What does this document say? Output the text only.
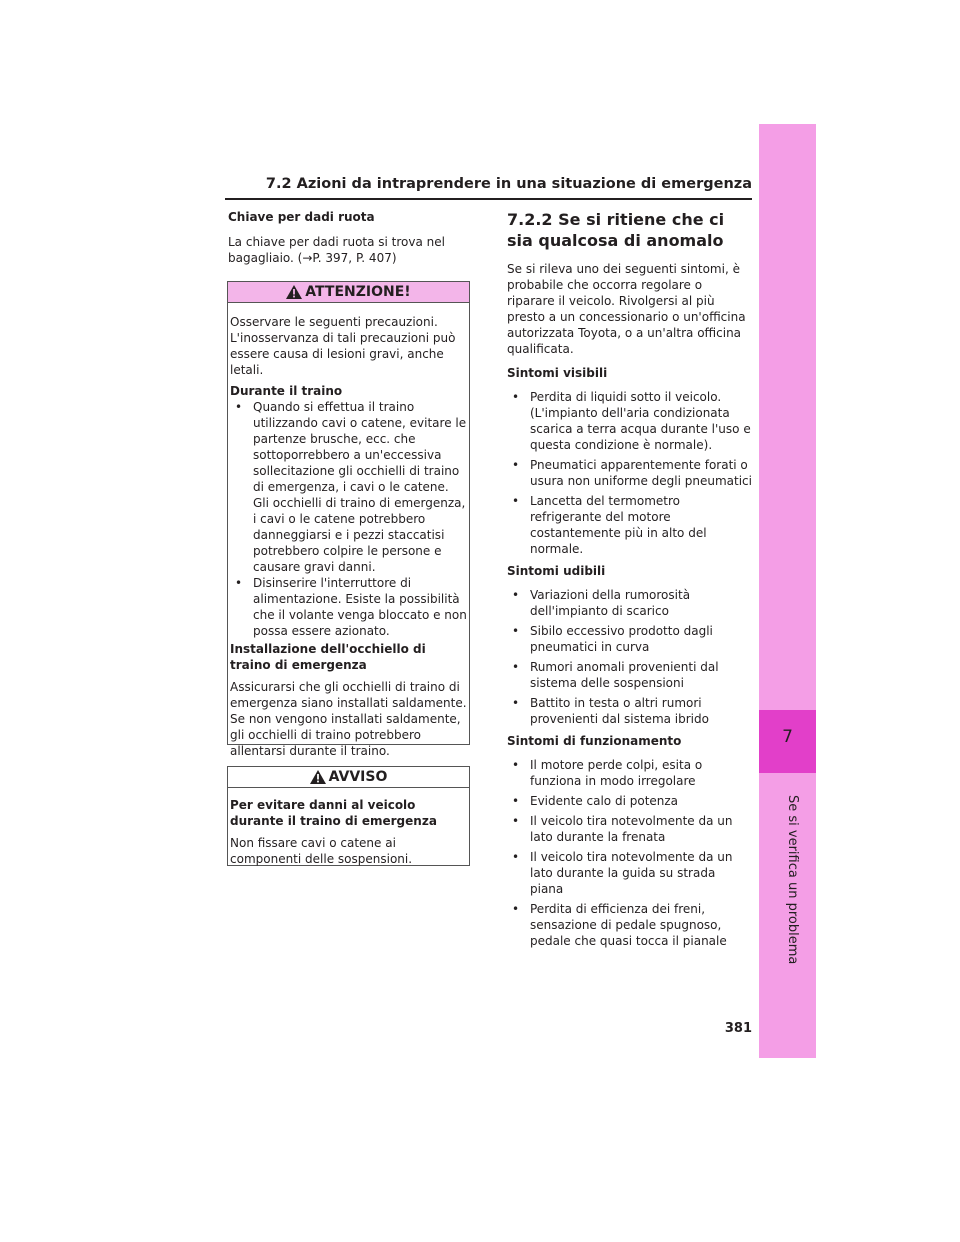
7.2 Azioni da intraprendere in una situazione di emergenza
7
Se si verifica un problema
381

Chiave per dadi ruota

La chiave per dadi ruota si trova nel bagagliaio. (→P. 397, P. 407)

ATTENZIONE!

Osservare le seguenti precauzioni. L'inosservanza di tali precauzioni può essere causa di lesioni gravi, anche letali.

Durante il traino

• Quando si effettua il traino utilizzando cavi o catene, evitare le partenze brusche, ecc. che sottoporrebbero a un'eccessiva sollecitazione gli occhielli di traino di emergenza, i cavi o le catene. Gli occhielli di traino di emergenza, i cavi o le catene potrebbero danneggiarsi e i pezzi staccatisi potrebbero colpire le persone e causare gravi danni.
• Disinserire l'interruttore di alimentazione. Esiste la possibilità che il volante venga bloccato e non possa essere azionato.

Installazione dell'occhiello di traino di emergenza

Assicurarsi che gli occhielli di traino di emergenza siano installati saldamente. Se non vengono installati saldamente, gli occhielli di traino potrebbero allentarsi durante il traino.

AVVISO

Per evitare danni al veicolo durante il traino di emergenza

Non fissare cavi o catene ai componenti delle sospensioni.

7.2.2 Se si ritiene che ci sia qualcosa di anomalo

Se si rileva uno dei seguenti sintomi, è probabile che occorra regolare o riparare il veicolo. Rivolgersi al più presto a un concessionario o un'officina autorizzata Toyota, o a un'altra officina qualificata.

Sintomi visibili

• Perdita di liquidi sotto il veicolo. (L'impianto dell'aria condizionata scarica a terra acqua durante l'uso e questa condizione è normale).
• Pneumatici apparentemente forati o usura non uniforme degli pneumatici
• Lancetta del termometro refrigerante del motore costantemente più in alto del normale.

Sintomi udibili

• Variazioni della rumorosità dell'impianto di scarico
• Sibilo eccessivo prodotto dagli pneumatici in curva
• Rumori anomali provenienti dal sistema delle sospensioni
• Battito in testa o altri rumori provenienti dal sistema ibrido

Sintomi di funzionamento

• Il motore perde colpi, esita o funziona in modo irregolare
• Evidente calo di potenza
• Il veicolo tira notevolmente da un lato durante la frenata
• Il veicolo tira notevolmente da un lato durante la guida su strada piana
• Perdita di efficienza dei freni, sensazione di pedale spugnoso, pedale che quasi tocca il pianale
